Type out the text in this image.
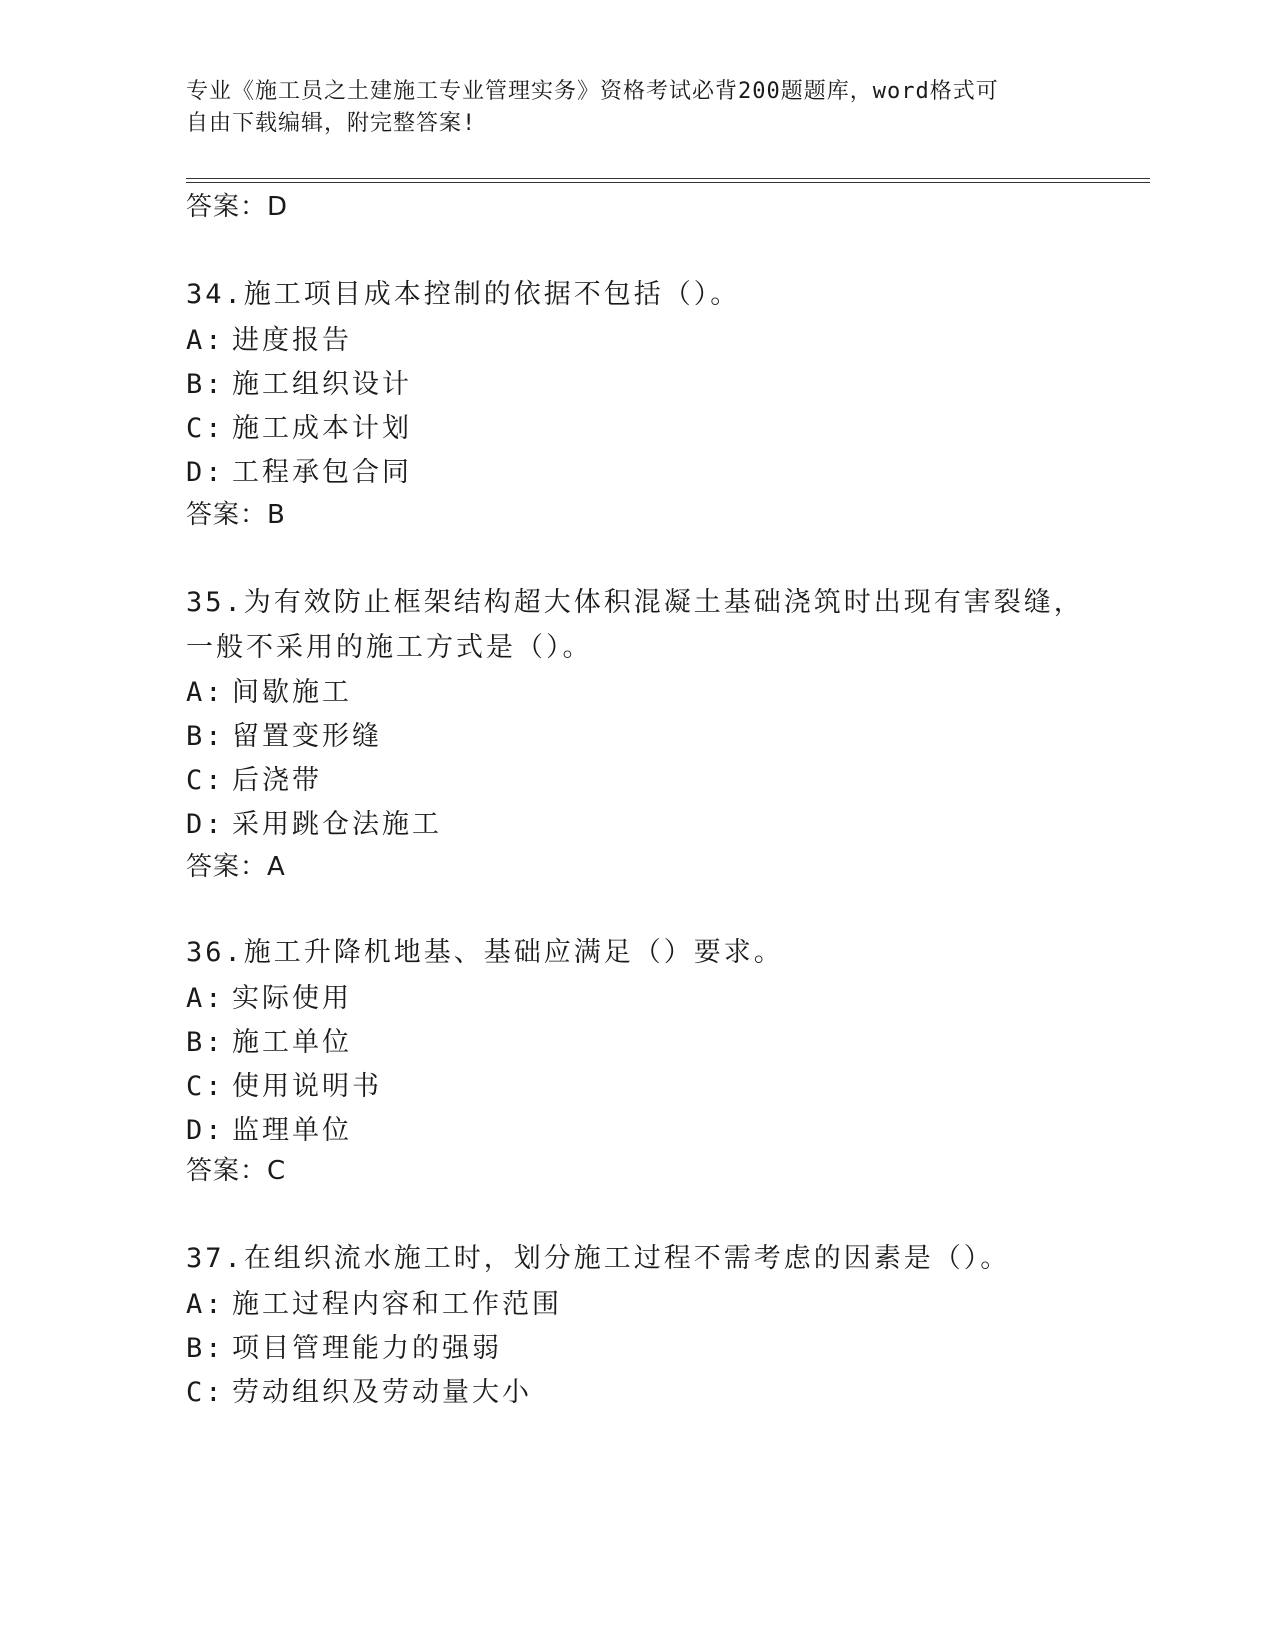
专业《施工员之土建施工专业管理实务》资格考试必背200题题库，word格式可
自由下载编辑，附完整答案!
答案：D
34.施工项目成本控制的依据不包括（）。
A: 进度报告
B: 施工组织设计
C: 施工成本计划
D: 工程承包合同
答案：B
35.为有效防止框架结构超大体积混凝土基础浇筑时出现有害裂缝，一般不采用的施工方式是（）。
A: 间歇施工
B: 留置变形缝
C: 后浇带
D: 采用跳仓法施工
答案：A
36.施工升降机地基、基础应满足（）要求。
A: 实际使用
B: 施工单位
C: 使用说明书
D: 监理单位
答案：C
37.在组织流水施工时，划分施工过程不需考虑的因素是（）。
A: 施工过程内容和工作范围
B: 项目管理能力的强弱
C: 劳动组织及劳动量大小
